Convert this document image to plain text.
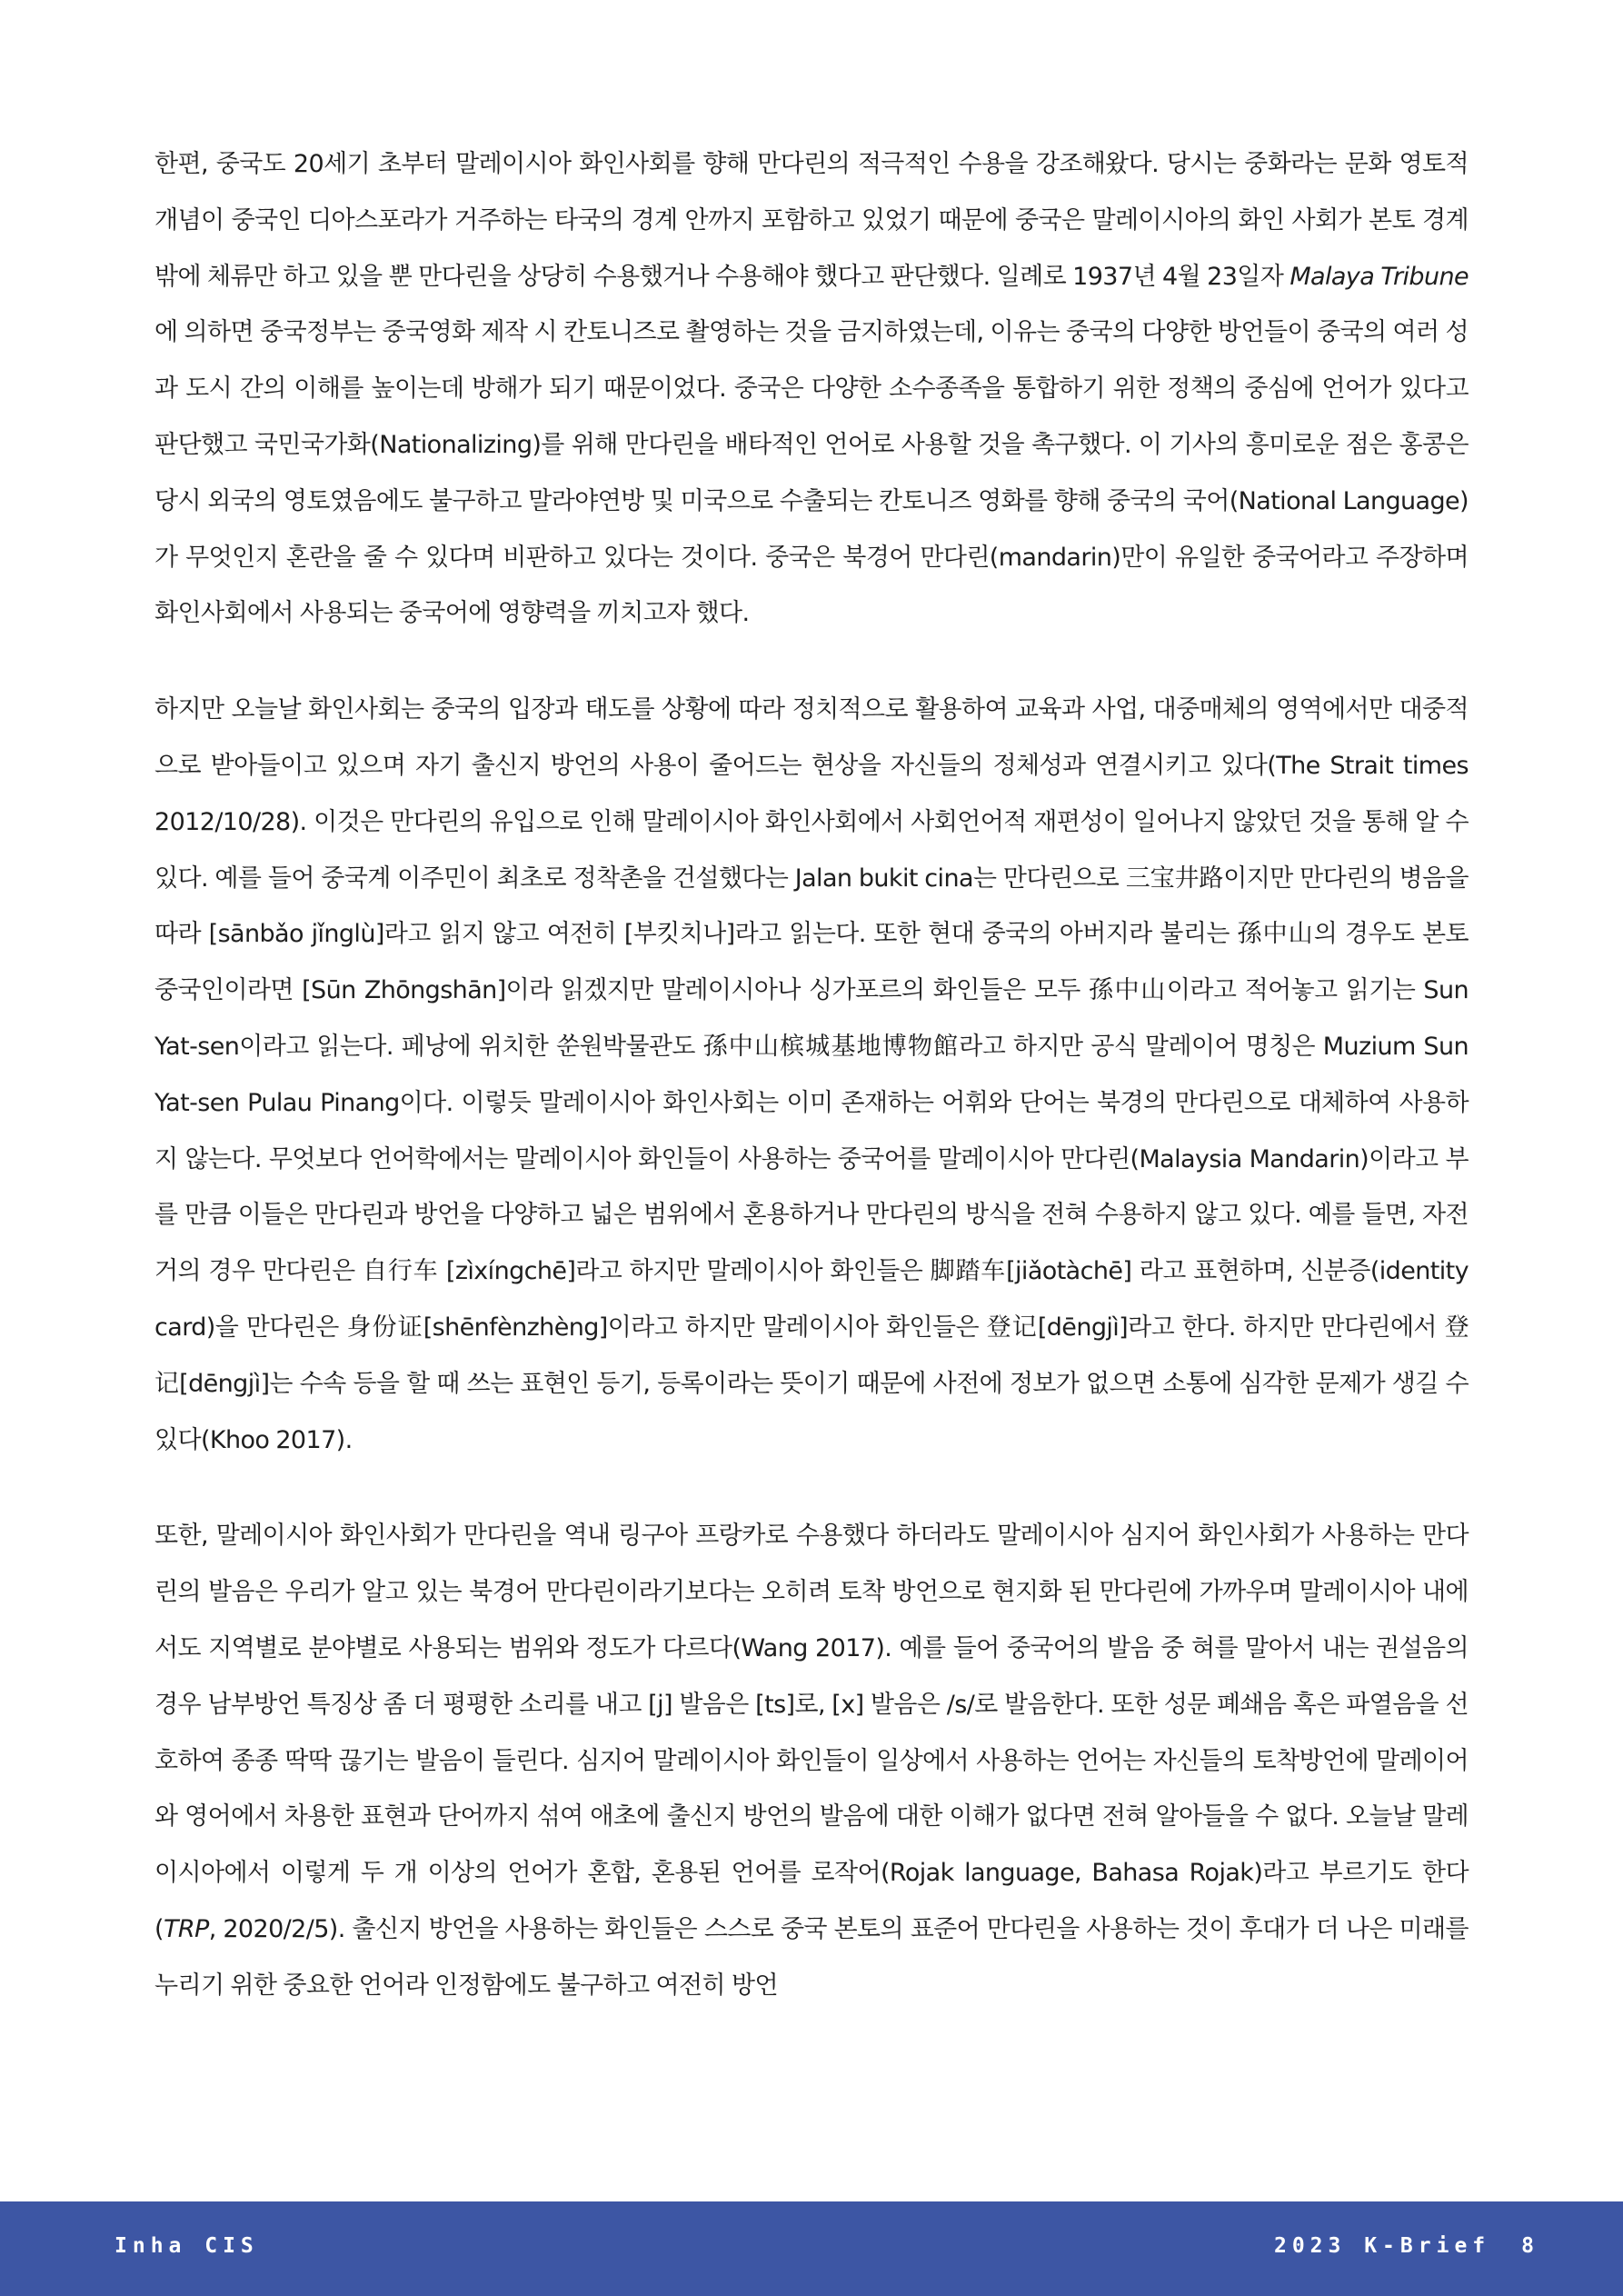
한편, 중국도 20세기 초부터 말레이시아 화인사회를 향해 만다린의 적극적인 수용을 강조해왔다. 당시는 중화라는 문화 영토적 개념이 중국인 디아스포라가 거주하는 타국의 경계 안까지 포함하고 있었기 때문에 중국은 말레이시아의 화인 사회가 본토 경계 밖에 체류만 하고 있을 뿐 만다린을 상당히 수용했거나 수용해야 했다고 판단했다. 일례로 1937년 4월 23일자 Malaya Tribune에 의하면 중국정부는 중국영화 제작 시 칸토니즈로 촬영하는 것을 금지하였는데, 이유는 중국의 다양한 방언들이 중국의 여러 성과 도시 간의 이해를 높이는데 방해가 되기 때문이었다. 중국은 다양한 소수종족을 통합하기 위한 정책의 중심에 언어가 있다고 판단했고 국민국가화(Nationalizing)를 위해 만다린을 배타적인 언어로 사용할 것을 촉구했다. 이 기사의 흥미로운 점은 홍콩은 당시 외국의 영토였음에도 불구하고 말라야연방 및 미국으로 수출되는 칸토니즈 영화를 향해 중국의 국어(National Language)가 무엇인지 혼란을 줄 수 있다며 비판하고 있다는 것이다. 중국은 북경어 만다린(mandarin)만이 유일한 중국어라고 주장하며 화인사회에서 사용되는 중국어에 영향력을 끼치고자 했다.

하지만 오늘날 화인사회는 중국의 입장과 태도를 상황에 따라 정치적으로 활용하여 교육과 사업, 대중매체의 영역에서만 대중적으로 받아들이고 있으며 자기 출신지 방언의 사용이 줄어드는 현상을 자신들의 정체성과 연결시키고 있다(The Strait times 2012/10/28). 이것은 만다린의 유입으로 인해 말레이시아 화인사회에서 사회언어적 재편성이 일어나지 않았던 것을 통해 알 수 있다. 예를 들어 중국계 이주민이 최초로 정착촌을 건설했다는 Jalan bukit cina는 만다린으로 三宝井路이지만 만다린의 병음을 따라 [sānbǎo jǐnglù]라고 읽지 않고 여전히 [부킷치나]라고 읽는다. 또한 현대 중국의 아버지라 불리는 孫中山의 경우도 본토 중국인이라면 [Sūn Zhōngshān]이라 읽겠지만 말레이시아나 싱가포르의 화인들은 모두 孫中山이라고 적어놓고 읽기는 Sun Yat-sen이라고 읽는다. 페낭에 위치한 쑨원박물관도 孫中山槟城基地博物館라고 하지만 공식 말레이어 명칭은 Muzium Sun Yat-sen Pulau Pinang이다. 이렇듯 말레이시아 화인사회는 이미 존재하는 어휘와 단어는 북경의 만다린으로 대체하여 사용하지 않는다. 무엇보다 언어학에서는 말레이시아 화인들이 사용하는 중국어를 말레이시아 만다린(Malaysia Mandarin)이라고 부를 만큼 이들은 만다린과 방언을 다양하고 넓은 범위에서 혼용하거나 만다린의 방식을 전혀 수용하지 않고 있다. 예를 들면, 자전거의 경우 만다린은 自行车 [zìxíngchē]라고 하지만 말레이시아 화인들은 脚踏车[jiǎotàchē] 라고 표현하며, 신분증(identity card)을 만다린은 身份证[shēnfènzhèng]이라고 하지만 말레이시아 화인들은 登记[dēngjì]라고 한다. 하지만 만다린에서 登记[dēngjì]는 수속 등을 할 때 쓰는 표현인 등기, 등록이라는 뜻이기 때문에 사전에 정보가 없으면 소통에 심각한 문제가 생길 수 있다(Khoo 2017).

또한, 말레이시아 화인사회가 만다린을 역내 링구아 프랑카로 수용했다 하더라도 말레이시아 심지어 화인사회가 사용하는 만다린의 발음은 우리가 알고 있는 북경어 만다린이라기보다는 오히려 토착 방언으로 현지화 된 만다린에 가까우며 말레이시아 내에서도 지역별로 분야별로 사용되는 범위와 정도가 다르다(Wang 2017). 예를 들어 중국어의 발음 중 혀를 말아서 내는 권설음의 경우 남부방언 특징상 좀 더 평평한 소리를 내고 [j] 발음은 [ts]로, [x] 발음은 /s/로 발음한다. 또한 성문 폐쇄음 혹은 파열음을 선호하여 종종 딱딱 끊기는 발음이 들린다. 심지어 말레이시아 화인들이 일상에서 사용하는 언어는 자신들의 토착방언에 말레이어와 영어에서 차용한 표현과 단어까지 섞여 애초에 출신지 방언의 발음에 대한 이해가 없다면 전혀 알아들을 수 없다. 오늘날 말레이시아에서 이렇게 두 개 이상의 언어가 혼합, 혼용된 언어를 로작어(Rojak language, Bahasa Rojak)라고 부르기도 한다(TRP, 2020/2/5). 출신지 방언을 사용하는 화인들은 스스로 중국 본토의 표준어 만다린을 사용하는 것이 후대가 더 나은 미래를 누리기 위한 중요한 언어라 인정함에도 불구하고 여전히 방언

Inha CIS	2023 K-Brief 8
